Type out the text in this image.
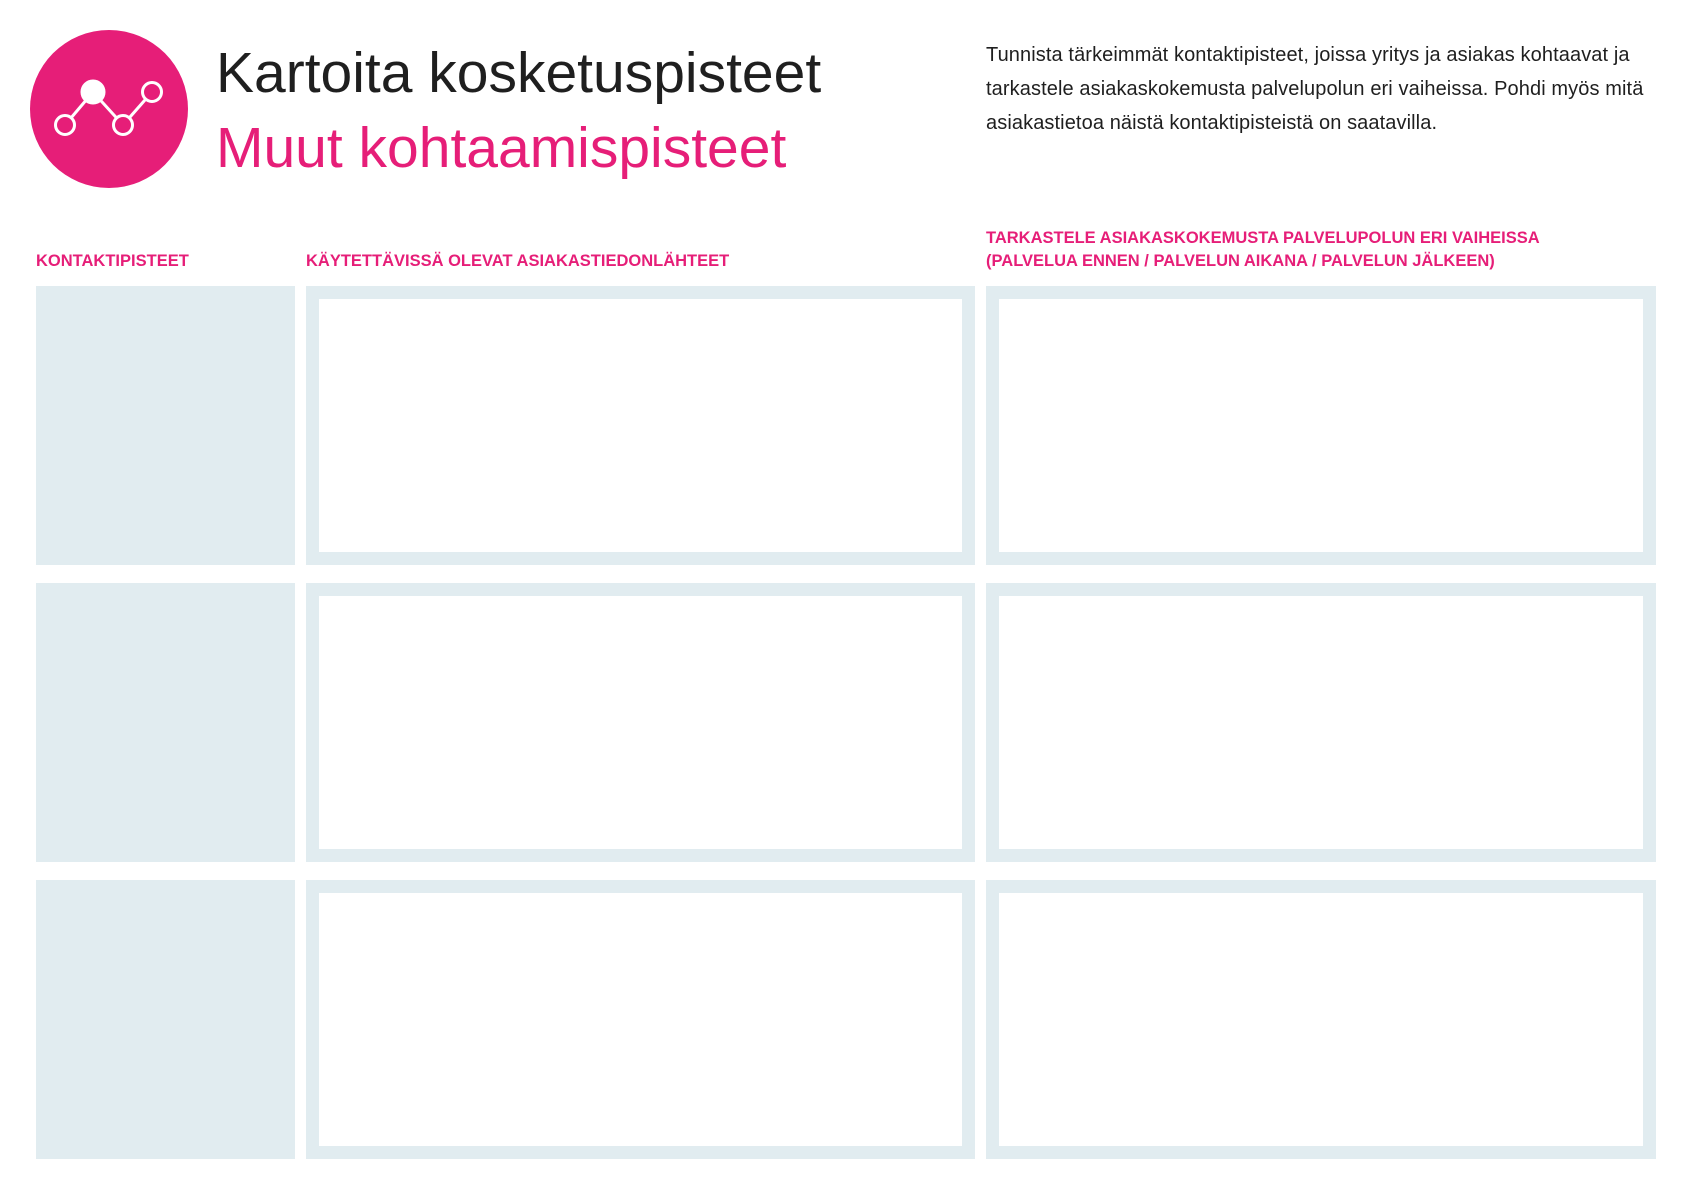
Kartoita kosketuspisteet
Muut kohtaamispisteet
Tunnista tärkeimmät kontaktipisteet, joissa yritys ja asiakas kohtaavat ja tarkastele asiakaskokemusta palvelupolun eri vaiheissa. Pohdi myös mitä asiakastietoa näistä kontaktipisteistä on saatavilla.
KONTAKTIPISTEET	KÄYTETTÄVISSÄ OLEVAT ASIAKASTIEDONLÄHTEET
TARKASTELE ASIAKASKOKEMUSTA PALVELUPOLUN ERI VAIHEISSA
(PALVELUA ENNEN / PALVELUN AIKANA / PALVELUN JÄLKEEN)
